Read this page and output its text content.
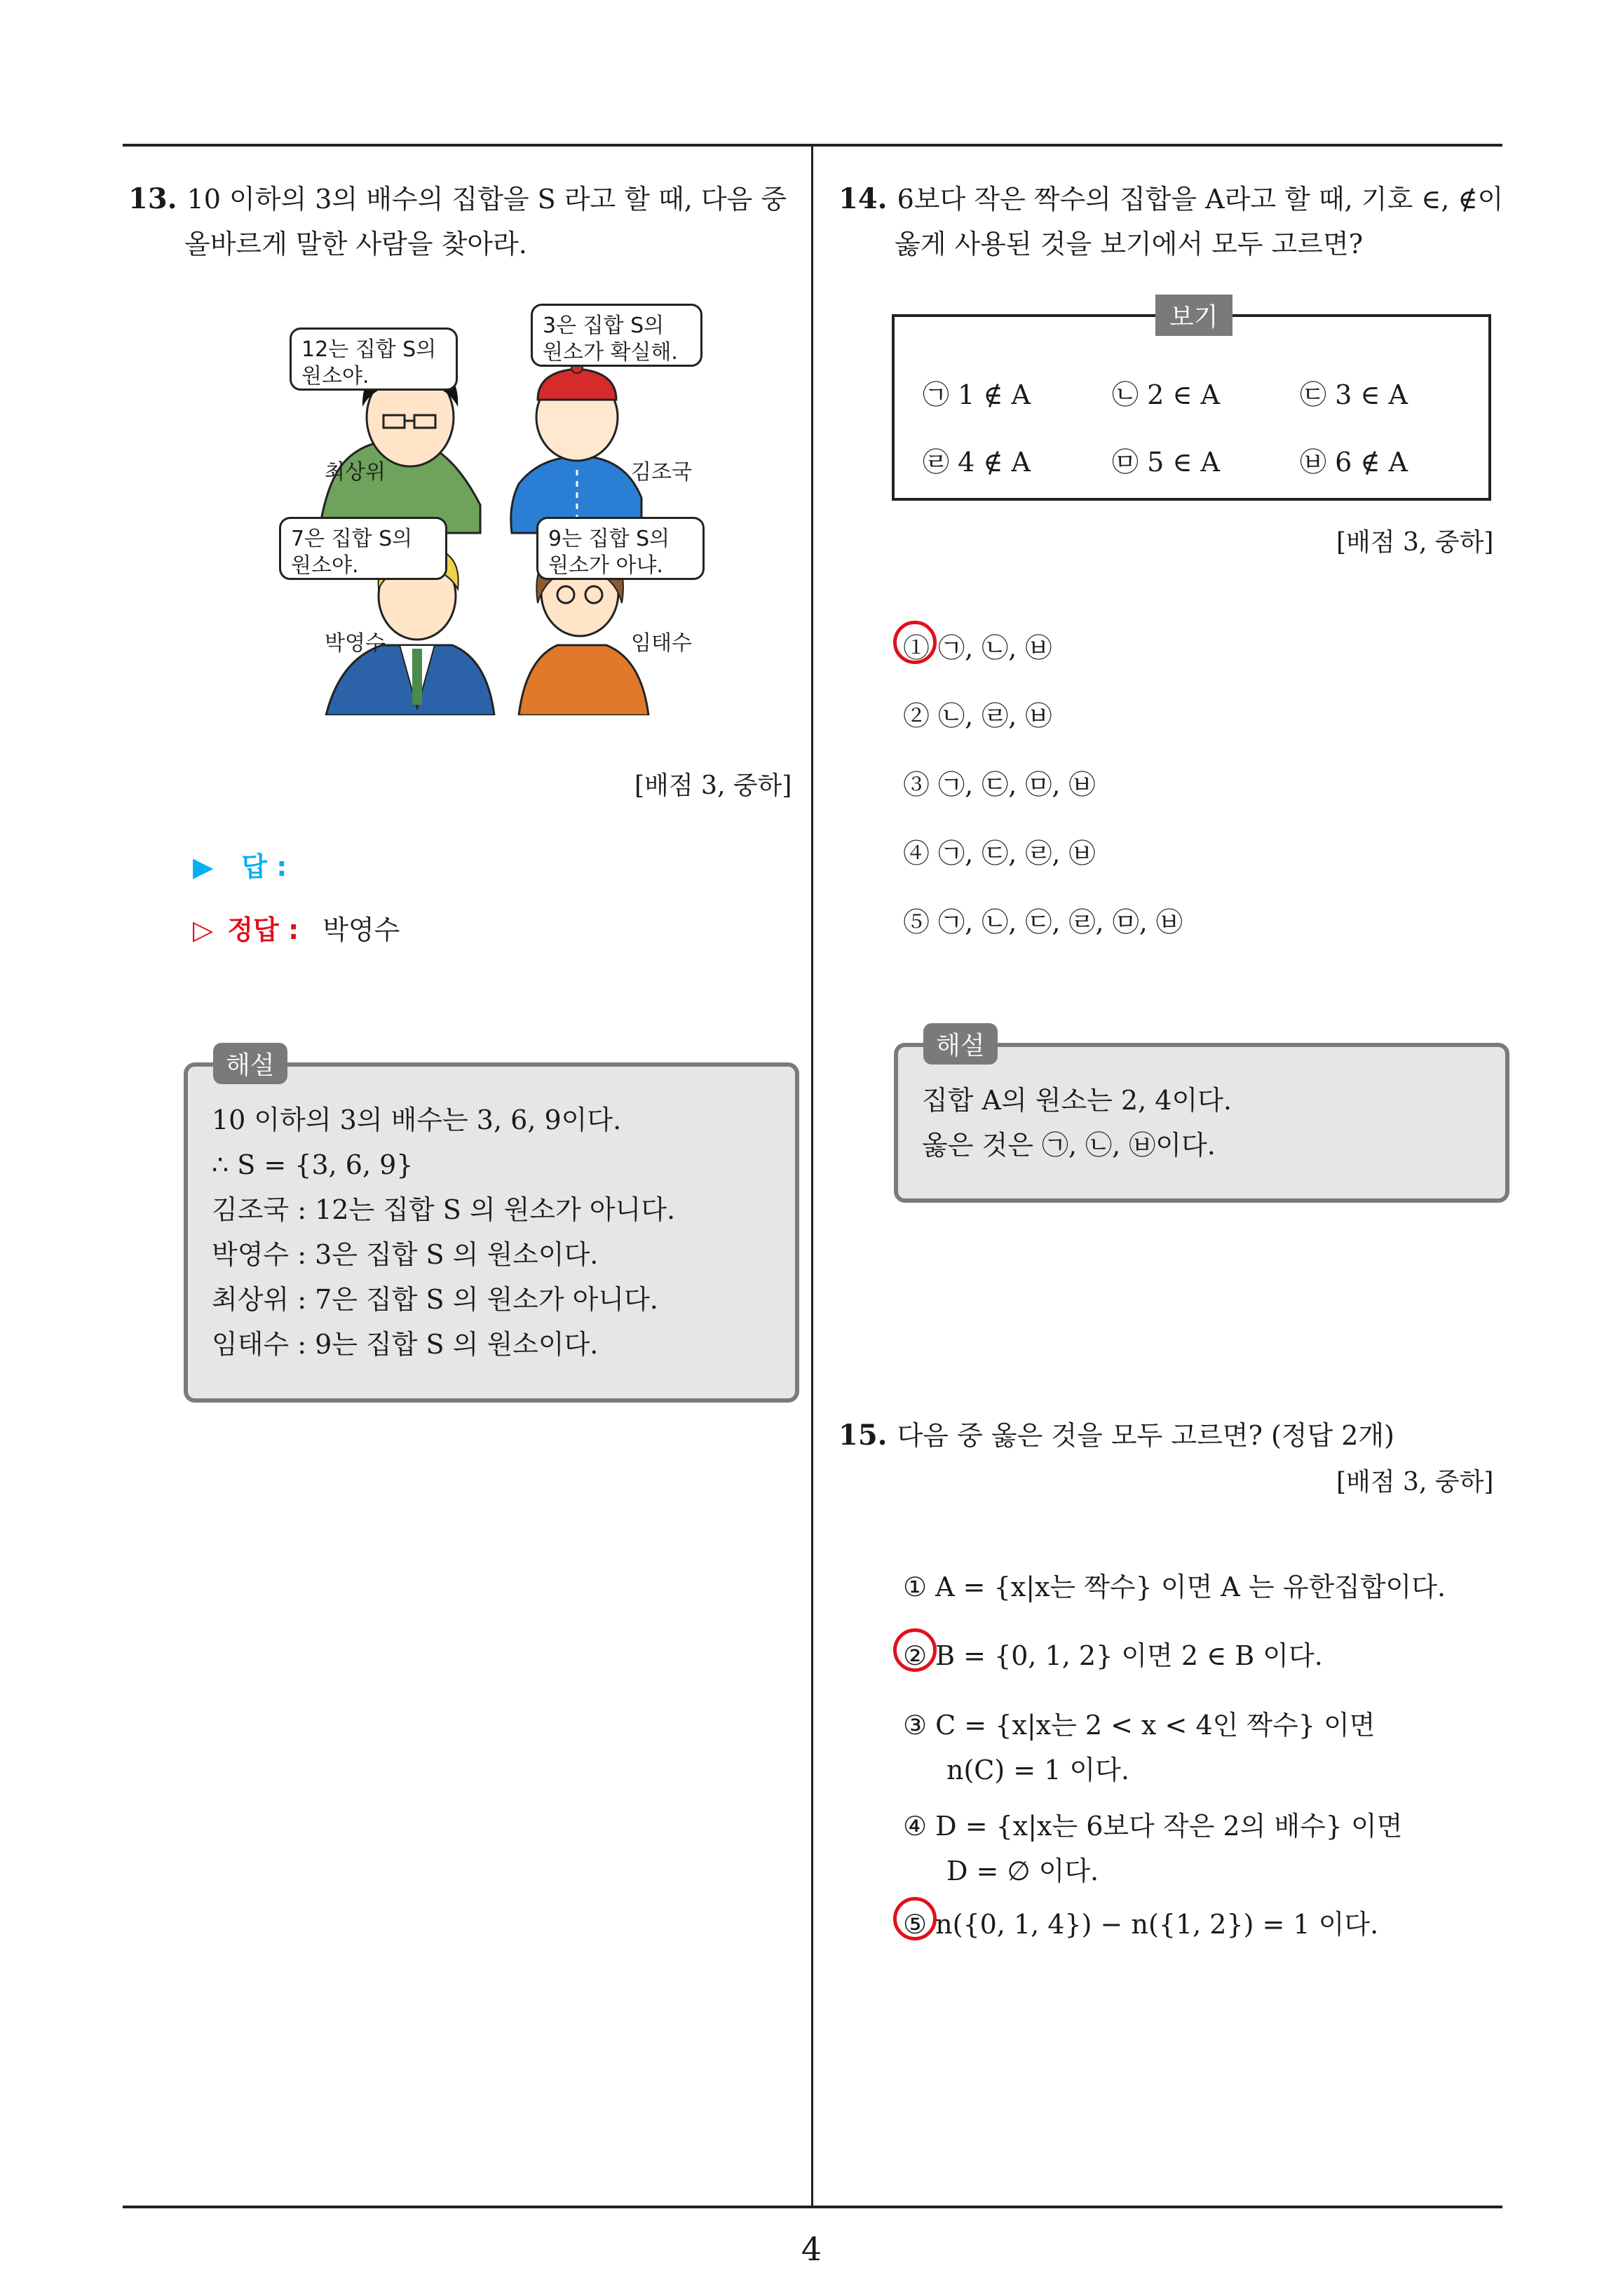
13. 10 이하의 3의 배수의 집합을 S 라고 할 때, 다음 중
올바르게 말한 사람을 찾아라.
12는 집합 S의
원소야.
3은 집합 S의
원소가 확실해.
7은 집합 S의
원소야.
9는 집합 S의
원소가 아냐.
최상위	김조국
박영수	임태수
[배점 3, 중하]
▶ 답 :
▷ 정답 : 박영수
해설
10 이하의 3의 배수는 3, 6, 9이다.
∴ S = {3, 6, 9}
김조국 : 12는 집합 S 의 원소가 아니다.
박영수 : 3은 집합 S 의 원소이다.
최상위 : 7은 집합 S 의 원소가 아니다.
임태수 : 9는 집합 S 의 원소이다.
14. 6보다 작은 짝수의 집합을 A라고 할 때, 기호 ∈, ∉이
옳게 사용된 것을 보기에서 모두 고르면?
보기
㉠ 1 ∉ A	㉡ 2 ∈ A	㉢ 3 ∈ A
㉣ 4 ∉ A	㉤ 5 ∈ A	㉥ 6 ∉ A
[배점 3, 중하]
① ㉠, ㉡, ㉥
② ㉡, ㉣, ㉥
③ ㉠, ㉢, ㉤, ㉥
④ ㉠, ㉢, ㉣, ㉥
⑤ ㉠, ㉡, ㉢, ㉣, ㉤, ㉥
해설
집합 A의 원소는 2, 4이다.
옳은 것은 ㉠, ㉡, ㉥이다.
15. 다음 중 옳은 것을 모두 고르면? (정답 2개)
[배점 3, 중하]
① A = {x|x는 짝수} 이면 A 는 유한집합이다.
② B = {0, 1, 2} 이면 2 ∈ B 이다.
③ C = {x|x는 2 < x < 4인 짝수} 이면
n(C) = 1 이다.
④ D = {x|x는 6보다 작은 2의 배수} 이면
D = ∅ 이다.
⑤ n({0, 1, 4}) − n({1, 2}) = 1 이다.
4
